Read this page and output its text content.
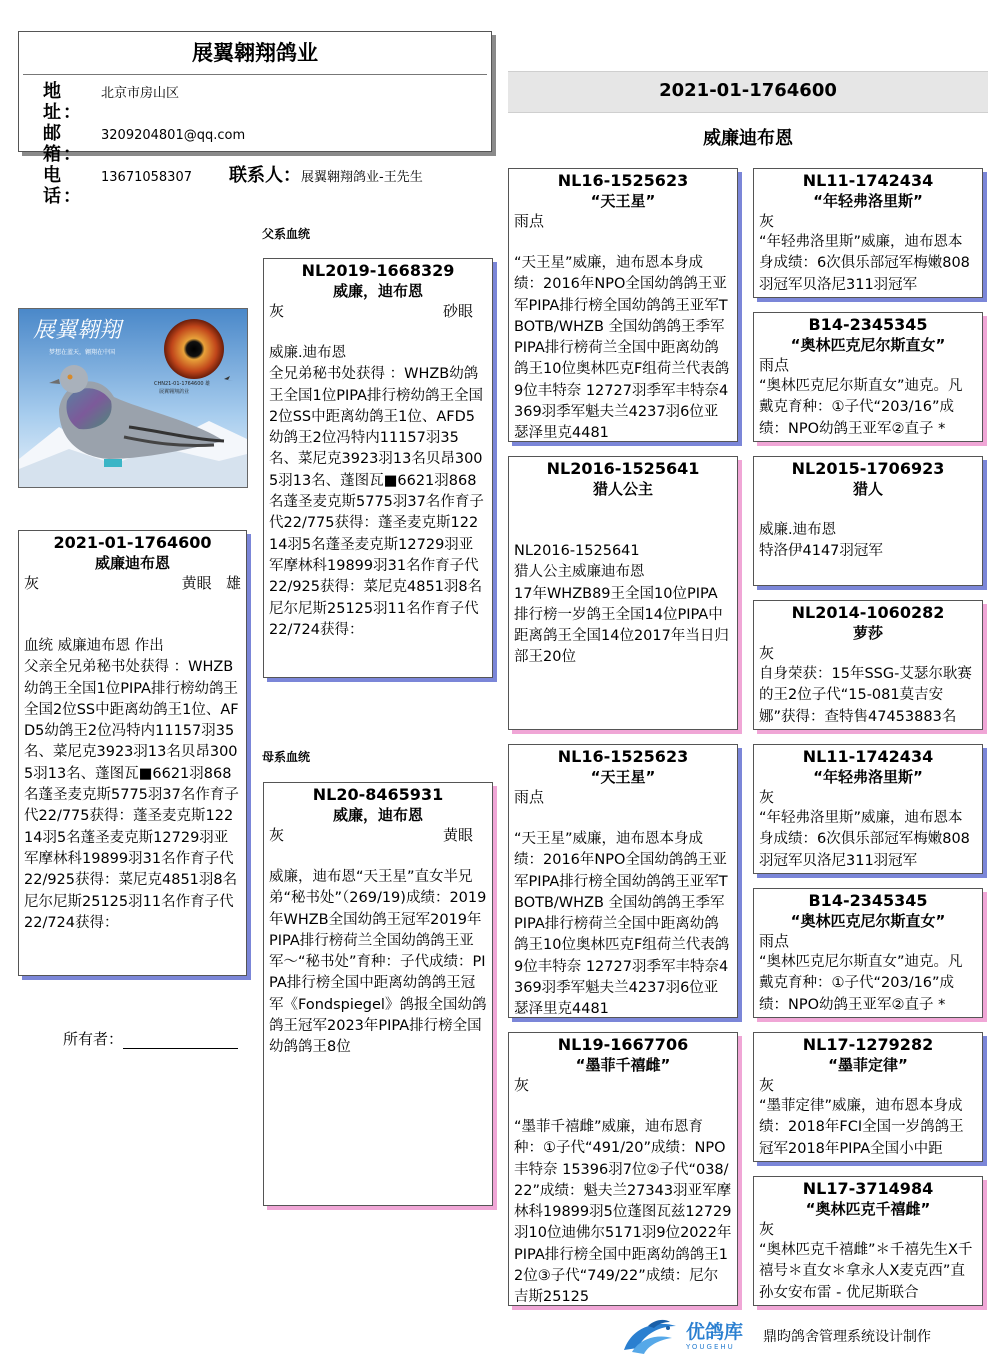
展翼翱翔鸽业
地 址：
北京市房山区
邮 箱：
3209204801@qq.com
电 话：
13671058307	联系人： 展翼翱翔鸽业-王先生
2021-01-1764600
威廉迪布恩
展翼翱翔
梦想在蓝天，翱翔在中国
CHN21-01-1764600 雄
展翼翱翔鸽业
2021-01-1764600
威廉迪布恩
灰	黄眼 雄
血统 威廉迪布恩 作出
父亲全兄弟秘书处获得 ：WHZB幼鸽王全国1位PIPA排行榜幼鸽王全国2位SS中距离幼鸽王1位、AFD5幼鸽王2位冯特内11157羽35名、菜尼克3923羽13名贝昂3005羽13名、蓬图瓦■6621羽868名蓬圣麦克斯5775羽37名作育子代22/775获得：蓬圣麦克斯12214羽5名蓬圣麦克斯12729羽亚军摩林科19899羽31名作育子代22/925获得：菜尼克4851羽8名尼尔尼斯25125羽11名作育子代22/724获得：
所有者：
父系血统
母系血统
NL2019-1668329
威廉，迪布恩
灰	砂眼
威廉.迪布恩
全兄弟秘书处获得 ：WHZB幼鸽王全国1位PIPA排行榜幼鸽王全国2位SS中距离幼鸽王1位、AFD5幼鸽王2位冯特内11157羽35名、菜尼克3923羽13名贝昂3005羽13名、蓬图瓦■6621羽868名蓬圣麦克斯5775羽37名作育子代22/775获得：蓬圣麦克斯12214羽5名蓬圣麦克斯12729羽亚军摩林科19899羽31名作育子代22/925获得：菜尼克4851羽8名尼尔尼斯25125羽11名作育子代22/724获得：
NL20-8465931
威廉，迪布恩
灰	黄眼
威廉，迪布恩“天王星”直女半兄弟“秘书处”（269/19)成绩：2019年WHZB全国幼鸽王冠军2019年PIPA排行榜荷兰全国幼鸽鸽王亚军～“秘书处”育种：子代成绩：PIPA排行榜全国中距离幼鸽鸽王冠军《Fondspiegel》鸽报全国幼鸽鸽王冠军2023年PIPA排行榜全国幼鸽鸽王8位
NL16-1525623
“天王星”
雨点
“天王星”威廉，迪布恩本身成绩：2016年NPO全国幼鸽鸽王亚军PIPA排行榜全国幼鸽鸽王亚军TBOTB/WHZB 全国幼鸽鸽王季军PIPA排行榜荷兰全国中距离幼鸽鸽王10位奥林匹克F组荷兰代表鸽9位丰特奈 12727羽季军丰特奈4369羽季军魁夫兰4237羽6位亚瑟泽里克4481
NL2016-1525641
猎人公主
NL2016-1525641
猎人公主威廉迪布恩
17年WHZB89王全国10位PIPA排行榜一岁鸽王全国14位PIPA中距离鸽王全国14位2017年当日归部王20位
NL16-1525623
“天王星”
雨点
“天王星”威廉，迪布恩本身成绩：2016年NPO全国幼鸽鸽王亚军PIPA排行榜全国幼鸽鸽王亚军TBOTB/WHZB 全国幼鸽鸽王季军PIPA排行榜荷兰全国中距离幼鸽鸽王10位奥林匹克F组荷兰代表鸽9位丰特奈 12727羽季军丰特奈4369羽季军魁夫兰4237羽6位亚瑟泽里克4481
NL19-1667706
“墨菲千禧雌”
灰
“墨菲千禧雌”威廉，迪布恩育种：①子代“491/20”成绩：NPO丰特奈 15396羽7位②子代“038/22”成绩：魁夫兰27343羽亚军摩林科19899羽5位蓬图瓦兹12729羽10位迪佛尔5171羽9位2022年PIPA排行榜全国中距离幼鸽鸽王12位③子代“749/22”成绩：尼尔吉斯25125
NL11-1742434
“年轻弗洛里斯”
灰
“年轻弗洛里斯”威廉，迪布恩本身成绩：6次俱乐部冠军梅嫩808羽冠军贝洛尼311羽冠军
B14-2345345
“奥林匹克尼尔斯直女”
雨点
“奥林匹克尼尔斯直女”迪克。凡戴克育种：①子代“203/16”成绩：NPO幼鸽王亚军②直子 *
NL2015-1706923
猎人
威廉.迪布恩
特洛伊4147羽冠军
NL2014-1060282
萝莎
灰
自身荣获：15年SSG-艾瑟尔耿赛的王2位子代“15-081莫吉安娜”获得：查特售47453883名
NL11-1742434
“年轻弗洛里斯”
灰
“年轻弗洛里斯”威廉，迪布恩本身成绩：6次俱乐部冠军梅嫩808羽冠军贝洛尼311羽冠军
B14-2345345
“奥林匹克尼尔斯直女”
雨点
“奥林匹克尼尔斯直女”迪克。凡戴克育种：①子代“203/16”成绩：NPO幼鸽王亚军②直子 *
NL17-1279282
“墨菲定律”
灰
“墨菲定律”威廉，迪布恩本身成绩：2018年FCI全国一岁鸽鸽王冠军2018年PIPA全国小中距
NL17-3714984
“奥林匹克千禧雌”
灰
“奥林匹克千禧雌”＊千禧先生X千禧号＊直女＊拿永人X麦克西”直孙女安布雷 - 优尼斯联合
优鸽库
YOUGEHU
鼎昀鸽舍管理系统设计制作
